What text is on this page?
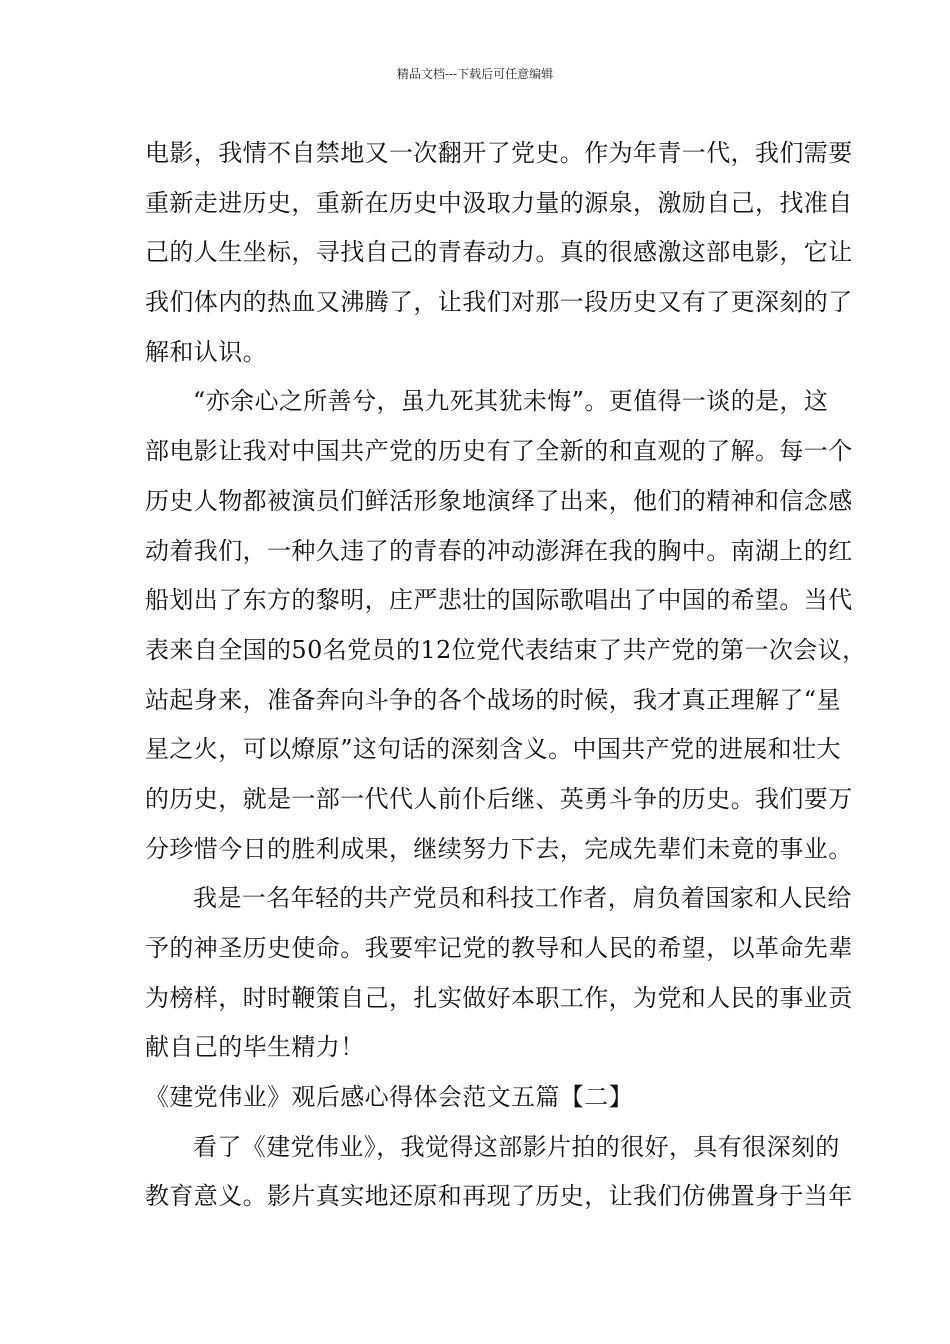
精品文档---下载后可任意编辑
电影，我情不自禁地又一次翻开了党史。作为年青一代，我们需要
重新走进历史，重新在历史中汲取力量的源泉，激励自己，找准自
己的人生坐标，寻找自己的青春动力。真的很感激这部电影，它让
我们体内的热血又沸腾了，让我们对那一段历史又有了更深刻的了
解和认识。
“亦余心之所善兮，虽九死其犹未悔”。更值得一谈的是，这
部电影让我对中国共产党的历史有了全新的和直观的了解。每一个
历史人物都被演员们鲜活形象地演绎了出来，他们的精神和信念感
动着我们，一种久违了的青春的冲动澎湃在我的胸中。南湖上的红
船划出了东方的黎明，庄严悲壮的国际歌唱出了中国的希望。当代
表来自全国的50名党员的12位党代表结束了共产党的第一次会议，
站起身来，准备奔向斗争的各个战场的时候，我才真正理解了“星
星之火，可以燎原”这句话的深刻含义。中国共产党的进展和壮大
的历史，就是一部一代代人前仆后继、英勇斗争的历史。我们要万
分珍惜今日的胜利成果，继续努力下去，完成先辈们未竟的事业。
我是一名年轻的共产党员和科技工作者，肩负着国家和人民给
予的神圣历史使命。我要牢记党的教导和人民的希望，以革命先辈
为榜样，时时鞭策自己，扎实做好本职工作，为党和人民的事业贡
献自己的毕生精力！
《建党伟业》观后感心得体会范文五篇【二】
看了《建党伟业》，我觉得这部影片拍的很好，具有很深刻的
教育意义。影片真实地还原和再现了历史，让我们仿佛置身于当年
